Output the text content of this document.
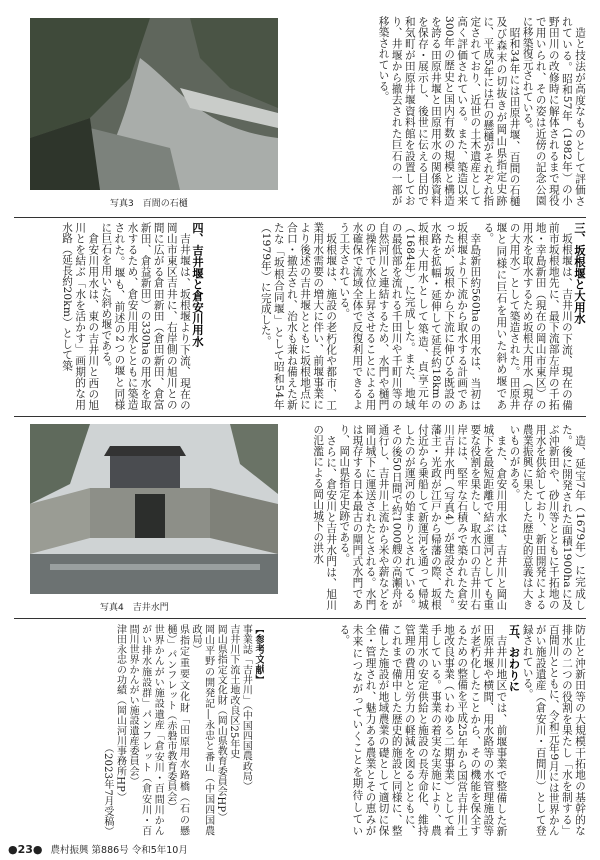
写真3　百間の石樋	造と技法が高度なものとして評価されている。昭和57年（1982年）の小野田川の改修時に解体されるまで現役で用いられ、その姿は近傍の記念公園に移築復元されている。

昭和34年には田原井堰、百間の石樋及び森末の切抜きが岡山県指定史跡に、平成5年には石の懸樋がそれぞれ指定されており、近世の土木遺産として高く評価されている。また、築造以来300年の歴史と国内有数の規模と構造を誇る田原井堰と田原用水の関係資料を保存・展示し、後世に伝える目的で和気町が田原井堰資料館を設置しており、井堰から撤去された巨石の一部が移築されている。

三、坂根堰と大用水

坂根堰は、吉井川の下流、現在の備前市坂根地先に、最下流部左岸の千拓地・幸島新田（現在の岡山市東区）の用水を取水するため坂根大用水（現存の大用水）として築造された。田原井堰と同様に巨石を用いた斜め堰である。

幸島新田約560haの用水は、当初は坂根堰より下流から取水する計画であったが、坂根から下流に伸びる既設の水路を拡幅・延伸して延長約18kmの坂根大用水として築造、貞享元年（1684年）に完成した。また、地域の最低部を流れる千田川や千町川等の自然河川と連結するため、水門や樋門の操作で水位上昇させることによる用水確保で流域全体で反復利用できるよう工夫されている。

坂根堰は、施設の老朽化や都市、工業用水需要の増大に伴い、前堰事業により後述の吉井堰とともに坂根地点に合口・撤去され、治水も兼ね備えた新たな「坂根合同堰」として昭和54年（1979年）に完成した。

四、吉井堰と倉安川用水

吉井堰は、坂根堰より下流、現在の岡山市東区吉井に、右岸側の旭川との間に広がる倉田新田（倉田新田、倉富新田、倉益新田）の330haの用水を取水するため、倉安川用水とともに築造された。堰も、前述の2つの堰と同様に巨石を用いた斜め堰である。

倉安川用水は、東の吉井川と西の旭川とを結ぶ「水を活かす」画期的な用水路（延長約20km）として築

写真4　吉井水門	造、延宝7年（1679年）に完成した。後に開発された面積1900haに及ぶ沖新田や、砂川等とともに千拓地の用水を供給しており、新田開発による農業振興に果たした歴史的意義は大きいものがある。

また、倉安川用水は、吉井川と岡山城下を最短距離で結ぶ運河としても重要な役割を果たし、取水口の吉井川右岸には、堅牢な石積みで築かれた倉安川吉井水門（写真4）が建設された。藩主・光政が江戸から帰藩の際、坂根付近から乗船して新運河を通って帰城したのが運河の始まりとされている。その後50日間で約1000艘の高瀬舟が通行し、吉井川上流から米や薪などを岡山城下に運送されたとされる。水門は現存する日本最古の閘門式水門であり、岡山県指定史跡である。

さらに、倉安川と吉井水門は、旭川の氾濫による岡山城下の洪水

防止と沖新田等の大規模干拓地の基幹的な排水の二つの役割を果たし「水を制する」百間川とともに、令和元年9月には世界かんがい施設遺産（倉安川・百間川）として登録されている。

五、おわりに

吉井川地区では、前堰事業で整備した新田原井堰や横間、用水路等の水管理施設等が老朽化したことから、その機能を保全するための整備を平成25年から国営吉井川土地改良事業（いわゆる二期事業）として着手している。事業の着実な実施により、農業用水の安定供給と施設の長寿命化、維持管理の費用と労力の軽減を図るとともに、これまで備中した歴史的施設と同様に、整備した施設が地域農業の礎として適切に保全・管理され、魅力ある農業とその恵みが未来につながっていくことを期待している。

【参考文献】

事業誌「吉井川」（中国四国農政局）

吉井川下流土地改良区25年史

岡山県指定文化財（岡山県教育委員会HP）

岡山平野の開発記―永忠と番山（中国四国農政局）

県指定重要文化財「田原用水路橋（石の懸樋）」パンフレット（赤磐市教育委員会）

世界かんがい施設遺産「倉安川・百間川かんがい排水施設群」パンフレット（倉安川・百間川世界かんがい施設遺産委員会）

津田永忠の功績（岡山河川事務所HP）

（2023年7月受稿）

●23● 農村振興 第886号 令和5年10月
